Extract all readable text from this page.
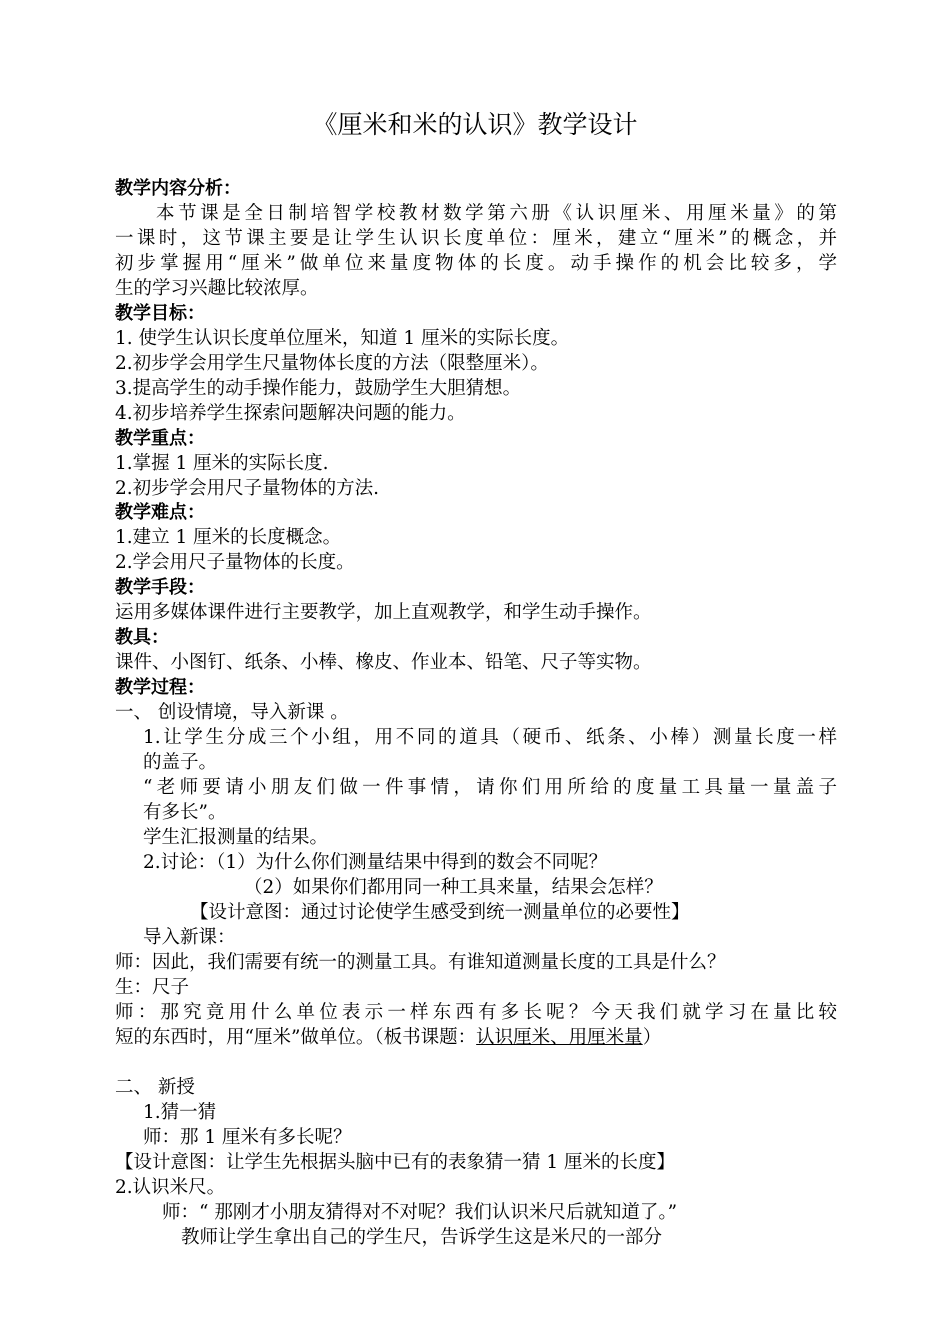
《厘米和米的认识》教学设计
教学内容分析：
本节课是全日制培智学校教材数学第六册《认识厘米、用厘米量》的第
一课时，这节课主要是让学生认识长度单位：厘米，建立“厘米”的概念，并
初步掌握用“厘米”做单位来量度物体的长度。动手操作的机会比较多，学
生的学习兴趣比较浓厚。
教学目标：
1. 使学生认识长度单位厘米，知道 1 厘米的实际长度。
2.初步学会用学生尺量物体长度的方法（限整厘米）。
3.提高学生的动手操作能力，鼓励学生大胆猜想。
4.初步培养学生探索问题解决问题的能力。
教学重点：
1.掌握 1 厘米的实际长度.
2.初步学会用尺子量物体的方法.
教学难点：
1.建立 1 厘米的长度概念。
2.学会用尺子量物体的长度。
教学手段：
运用多媒体课件进行主要教学，加上直观教学，和学生动手操作。
教具：
课件、小图钉、纸条、小棒、橡皮、作业本、铅笔、尺子等实物。
教学过程：
一、 创设情境，导入新课 。
1.让学生分成三个小组，用不同的道具（硬币、纸条、小棒）测量长度一样
的盖子。
“老师要请小朋友们做一件事情，请你们用所给的度量工具量一量盖子
有多长”。
学生汇报测量的结果。
2.讨论：（1）为什么你们测量结果中得到的数会不同呢？
（2）如果你们都用同一种工具来量，结果会怎样？
【设计意图：通过讨论使学生感受到统一测量单位的必要性】
导入新课：
师：因此，我们需要有统一的测量工具。有谁知道测量长度的工具是什么？
生：尺子
师：那究竟用什么单位表示一样东西有多长呢？今天我们就学习在量比较
短的东西时，用“厘米”做单位。（板书课题：认识厘米、用厘米量）
二、 新授
1.猜一猜
师：那 1 厘米有多长呢？
【设计意图：让学生先根据头脑中已有的表象猜一猜 1 厘米的长度】
2.认识米尺。
师：“ 那刚才小朋友猜得对不对呢？我们认识米尺后就知道了。”
教师让学生拿出自己的学生尺，告诉学生这是米尺的一部分
